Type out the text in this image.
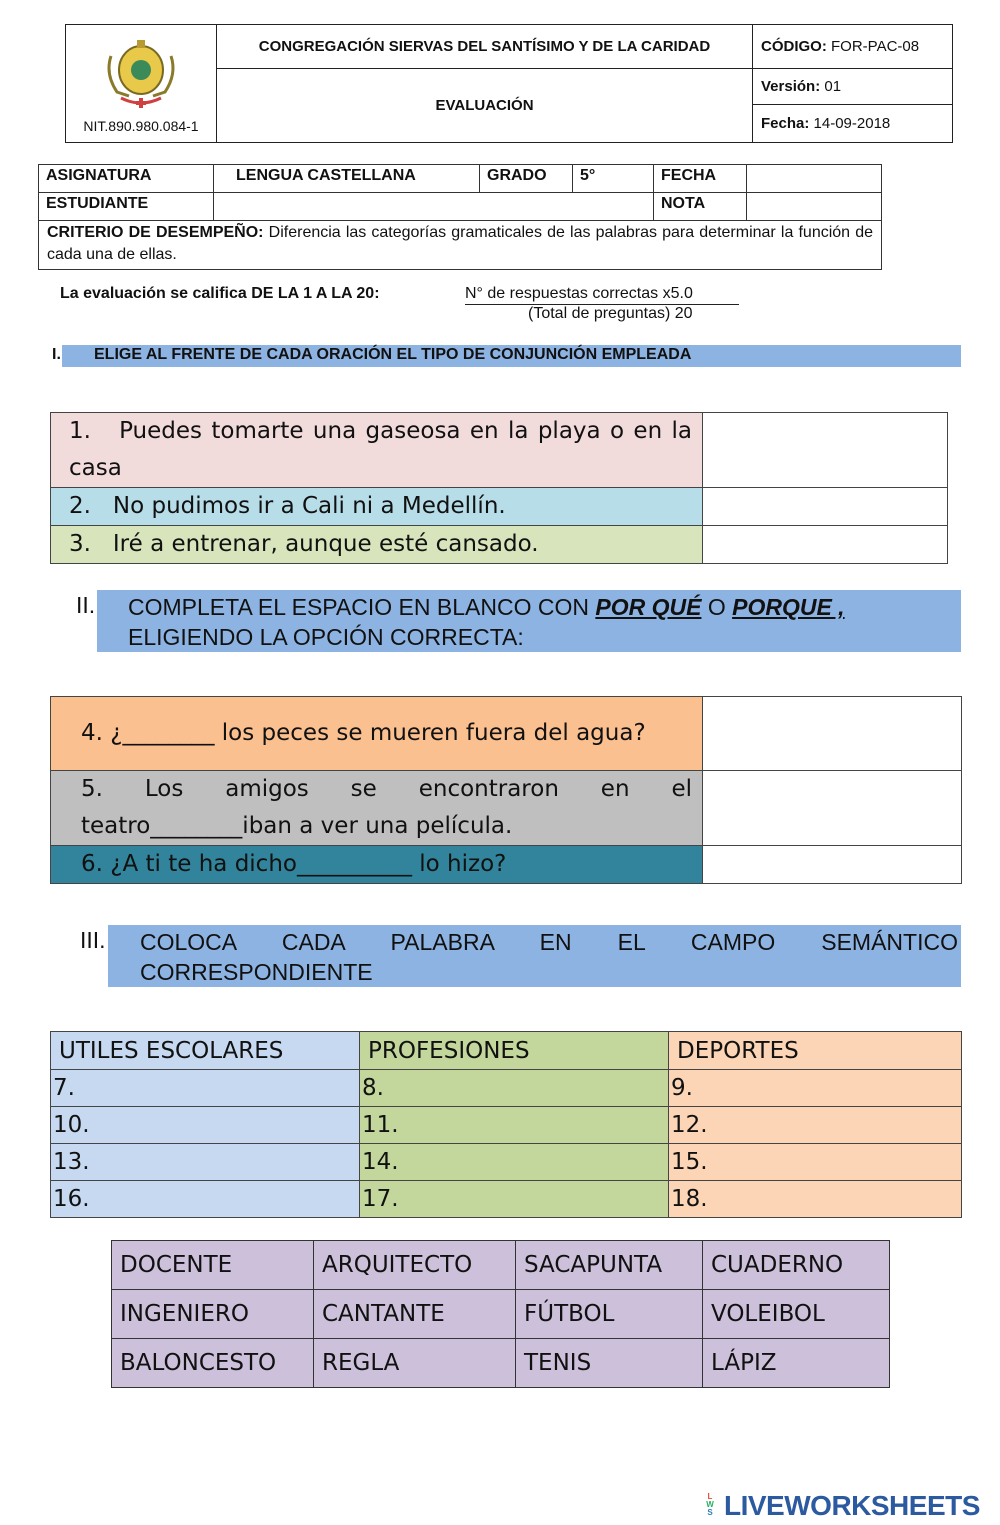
NIT.890.980.084-1	CONGREGACIÓN SIERVAS DEL SANTÍSIMO Y DE LA CARIDAD	CÓDIGO: FOR-PAC-08
	EVALUACIÓN	Versión: 01
		Fecha: 14-09-2018
ASIGNATURA	LENGUA CASTELLANA	GRADO	5°	FECHA	
ESTUDIANTE				NOTA	
CRITERIO DE DESEMPEÑO: Diferencia las categorías gramaticales de las palabras para determinar la función de cada una de ellas.					
La evaluación se califica DE LA 1 A LA 20:	N° de respuestas correctas x5.0
(Total de preguntas) 20
I. ELIGE AL FRENTE DE CADA ORACIÓN EL TIPO DE CONJUNCIÓN EMPLEADA
1. Puedes tomarte una gaseosa en la playa o en la casa	
2. No pudimos ir a Cali ni a Medellín.	
3. Iré a entrenar, aunque esté cansado.	
II. COMPLETA EL ESPACIO EN BLANCO CON POR QUÉ O PORQUE ,
ELIGIENDO LA OPCIÓN CORRECTA:
4. ¿________ los peces se mueren fuera del agua?	
5. Los amigos se encontraron en el teatro________iban a ver una película.	
6. ¿A ti te ha dicho__________ lo hizo?	
III. COLOCA CADA PALABRA EN EL CAMPO SEMÁNTICO
CORRESPONDIENTE
UTILES ESCOLARES	PROFESIONES	DEPORTES
7.	8.	9.
10.	11.	12.
13.	14.	15.
16.	17.	18.
DOCENTE	ARQUITECTO	SACAPUNTA	CUADERNO
INGENIERO	CANTANTE	FÚTBOL	VOLEIBOL
BALONCESTO	REGLA	TENIS	LÁPIZ
L
W
S LIVEWORKSHEETS
